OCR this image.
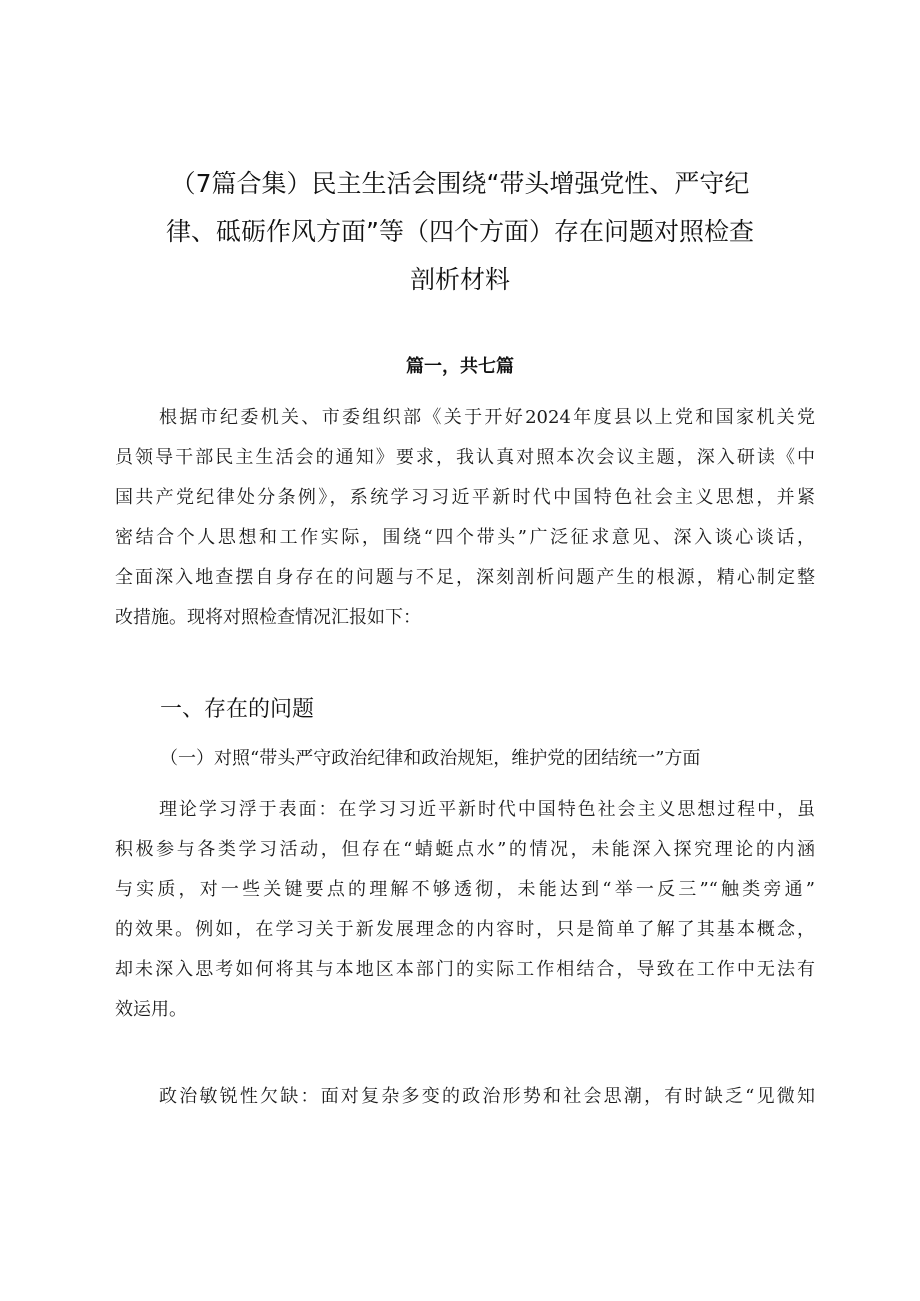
（7篇合集）民主生活会围绕“带头增强党性、严守纪
律、砥砺作风方面”等（四个方面）存在问题对照检查
剖析材料
篇一，共七篇
根据市纪委机关、市委组织部《关于开好2024年度县以上党和国家机关党
员领导干部民主生活会的通知》要求，我认真对照本次会议主题，深入研读《中
国共产党纪律处分条例》，系统学习习近平新时代中国特色社会主义思想，并紧
密结合个人思想和工作实际，围绕“四个带头”广泛征求意见、深入谈心谈话，
全面深入地查摆自身存在的问题与不足，深刻剖析问题产生的根源，精心制定整
改措施。现将对照检查情况汇报如下：
一、存在的问题
（一）对照“带头严守政治纪律和政治规矩，维护党的团结统一”方面
理论学习浮于表面：在学习习近平新时代中国特色社会主义思想过程中，虽
积极参与各类学习活动，但存在“蜻蜓点水”的情况，未能深入探究理论的内涵
与实质，对一些关键要点的理解不够透彻，未能达到“举一反三”“触类旁通”
的效果。例如，在学习关于新发展理念的内容时，只是简单了解了其基本概念，
却未深入思考如何将其与本地区本部门的实际工作相结合，导致在工作中无法有
效运用。
政治敏锐性欠缺：面对复杂多变的政治形势和社会思潮，有时缺乏“见微知
